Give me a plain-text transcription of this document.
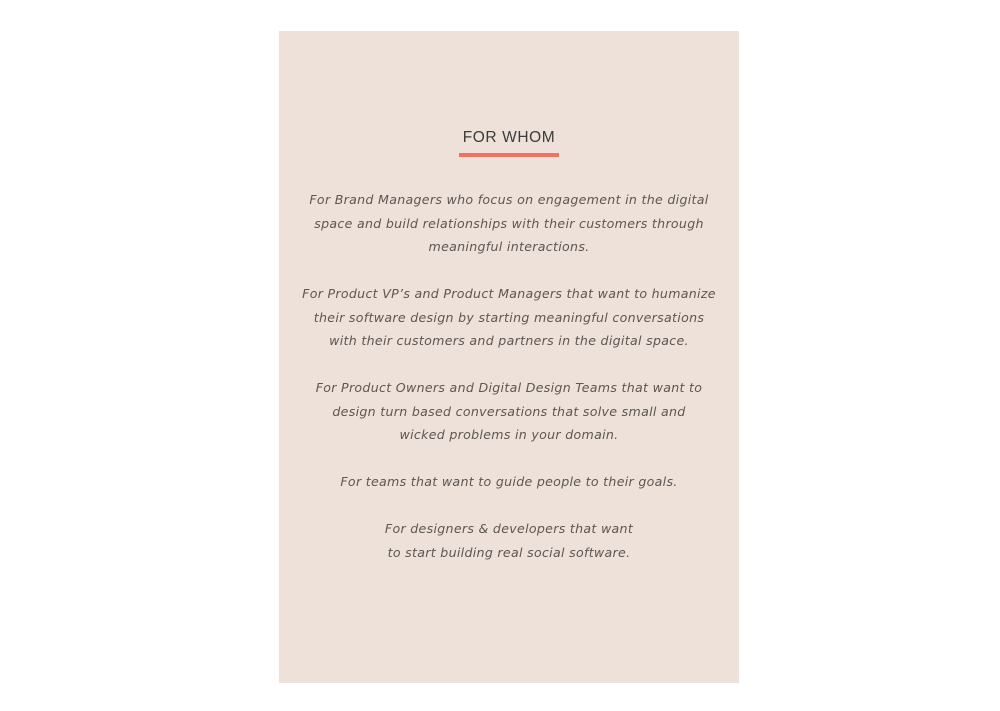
FOR WHOM

For Brand Managers who focus on engagement in the digital space and build relationships with their customers through meaningful interactions.

For Product VP’s and Product Managers that want to humanize their software design by starting meaningful conversations with their customers and partners in the digital space.

For Product Owners and Digital Design Teams that want to design turn based conversations that solve small and wicked problems in your domain.

For teams that want to guide people to their goals.

For designers & developers that want to start building real social software.
